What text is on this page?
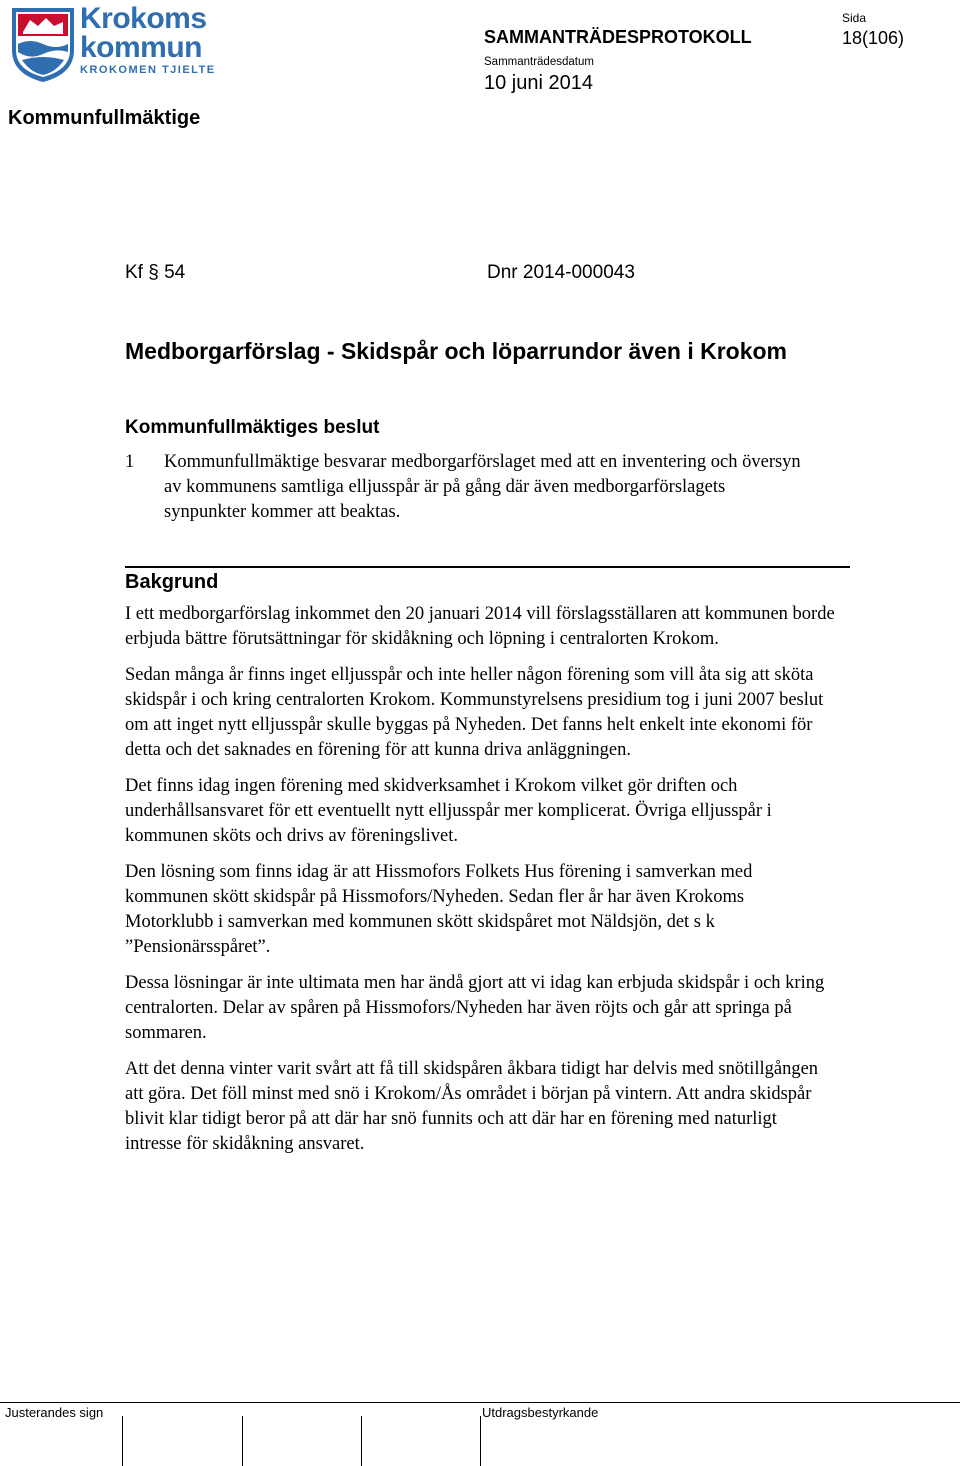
Krokoms
kommun
KROKOMEN TJIELTE
SAMMANTRÄDESPROTOKOLL
Sammanträdesdatum
10 juni 2014
Sida
18(106)
Kommunfullmäktige
Kf § 54	Dnr 2014-000043
Medborgarförslag - Skidspår och löparrundor även i Krokom
Kommunfullmäktiges beslut
1 Kommunfullmäktige besvarar medborgarförslaget med att en inventering och översyn av kommunens samtliga elljusspår är på gång där även medborgarförslagets synpunkter kommer att beaktas.
Bakgrund

I ett medborgarförslag inkommet den 20 januari 2014 vill förslagsställaren att kommunen borde erbjuda bättre förutsättningar för skidåkning och löpning i centralorten Krokom.

Sedan många år finns inget elljusspår och inte heller någon förening som vill åta sig att sköta skidspår i och kring centralorten Krokom. Kommunstyrelsens presidium tog i juni 2007 beslut om att inget nytt elljusspår skulle byggas på Nyheden. Det fanns helt enkelt inte ekonomi för detta och det saknades en förening för att kunna driva anläggningen.

Det finns idag ingen förening med skidverksamhet i Krokom vilket gör driften och underhållsansvaret för ett eventuellt nytt elljusspår mer komplicerat. Övriga elljusspår i kommunen sköts och drivs av föreningslivet.

Den lösning som finns idag är att Hissmofors Folkets Hus förening i samverkan med kommunen skött skidspår på Hissmofors/Nyheden. Sedan fler år har även Krokoms Motorklubb i samverkan med kommunen skött skidspåret mot Näldsjön, det s k ”Pensionärsspåret”.

Dessa lösningar är inte ultimata men har ändå gjort att vi idag kan erbjuda skidspår i och kring centralorten. Delar av spåren på Hissmofors/Nyheden har även röjts och går att springa på sommaren.

Att det denna vinter varit svårt att få till skidspåren åkbara tidigt har delvis med snötillgången att göra. Det föll minst med snö i Krokom/Ås området i början på vintern. Att andra skidspår blivit klar tidigt beror på att där har snö funnits och att där har en förening med naturligt intresse för skidåkning ansvaret.

Justerandes sign	Utdragsbestyrkande
